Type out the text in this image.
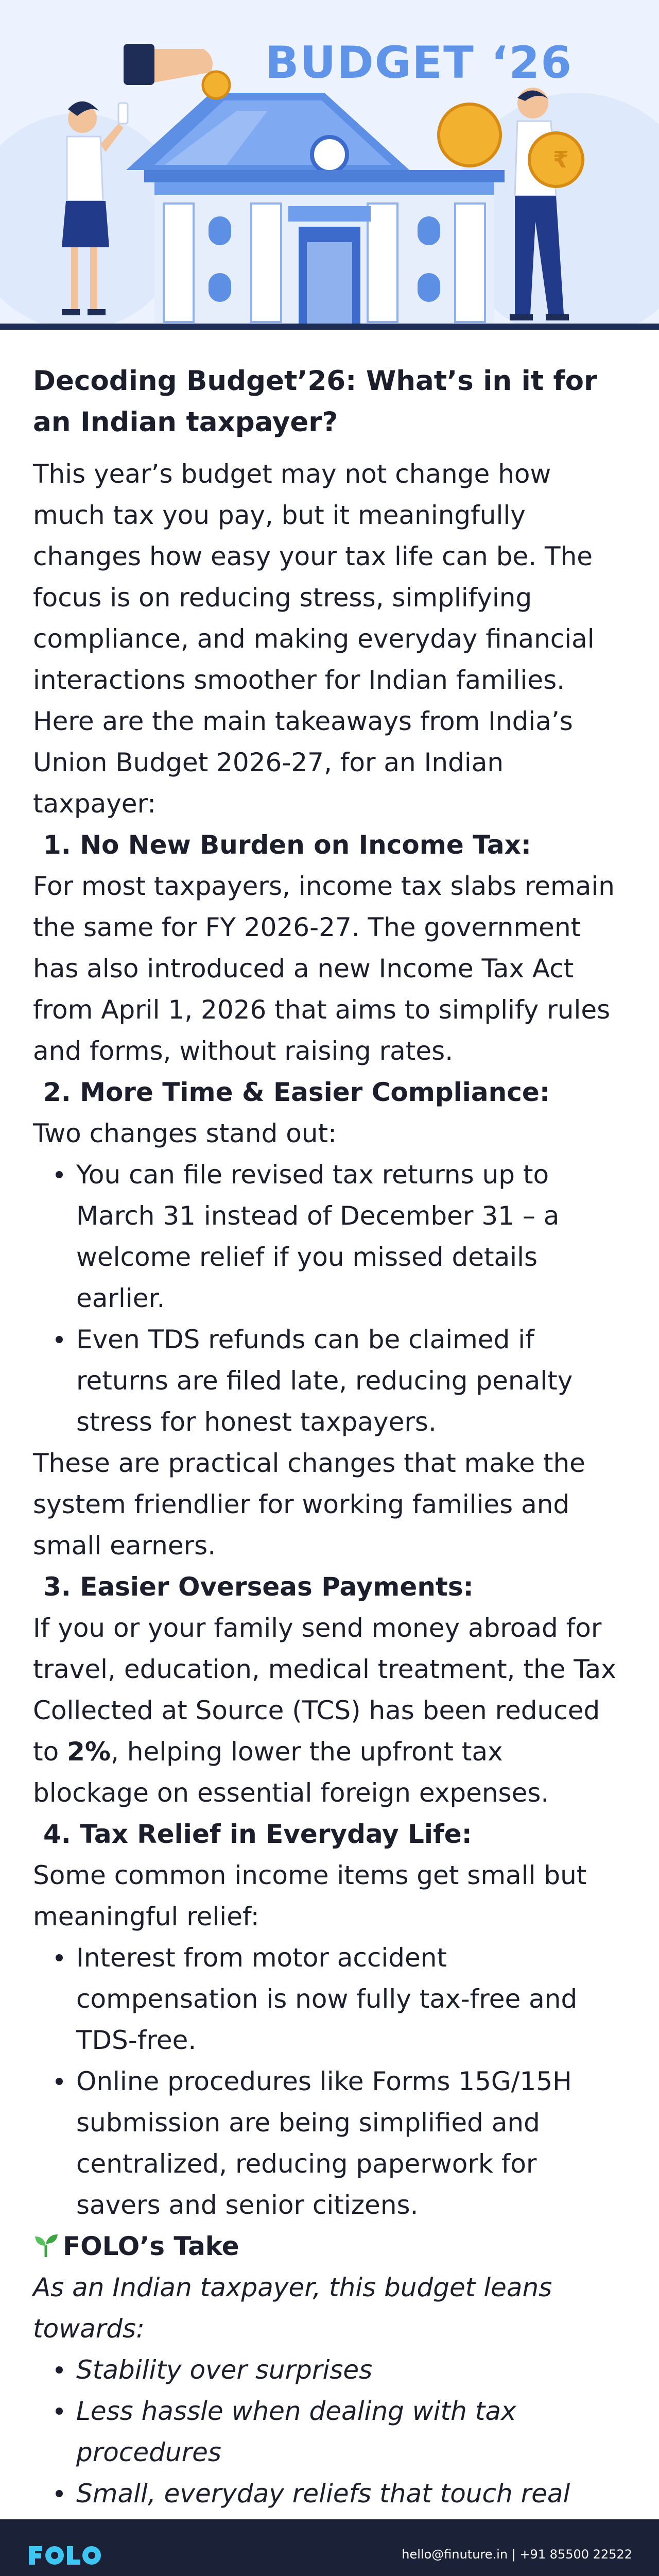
₹
BUDGET ‘26
Decoding Budget’26: What’s in it for an Indian taxpayer?

This year’s budget may not change how much tax you pay, but it meaningfully changes how easy your tax life can be. The focus is on reducing stress, simplifying compliance, and making everyday financial interactions smoother for Indian families.

Here are the main takeaways from India’s Union Budget 2026-27, for an Indian taxpayer:

1. No New Burden on Income Tax:

For most taxpayers, income tax slabs remain the same for FY 2026-27. The government has also introduced a new Income Tax Act from April 1, 2026 that aims to simplify rules and forms, without raising rates.

2. More Time & Easier Compliance:

Two changes stand out:

You can file revised tax returns up to March 31 instead of December 31 – a welcome relief if you missed details earlier.
Even TDS refunds can be claimed if returns are filed late, reducing penalty stress for honest taxpayers.

These are practical changes that make the system friendlier for working families and small earners.

3. Easier Overseas Payments:

If you or your family send money abroad for travel, education, medical treatment, the Tax Collected at Source (TCS) has been reduced to 2%, helping lower the upfront tax blockage on essential foreign expenses.

4. Tax Relief in Everyday Life:

Some common income items get small but meaningful relief:

Interest from motor accident compensation is now fully tax-free and TDS-free.
Online procedures like Forms 15G/15H submission are being simplified and centralized, reducing paperwork for savers and senior citizens.
FOLO’s Take

As an Indian taxpayer, this budget leans towards:

Stability over surprises
Less hassle when dealing with tax procedures
Small, everyday reliefs that touch real

hello@finuture.in | +91 85500 22522
